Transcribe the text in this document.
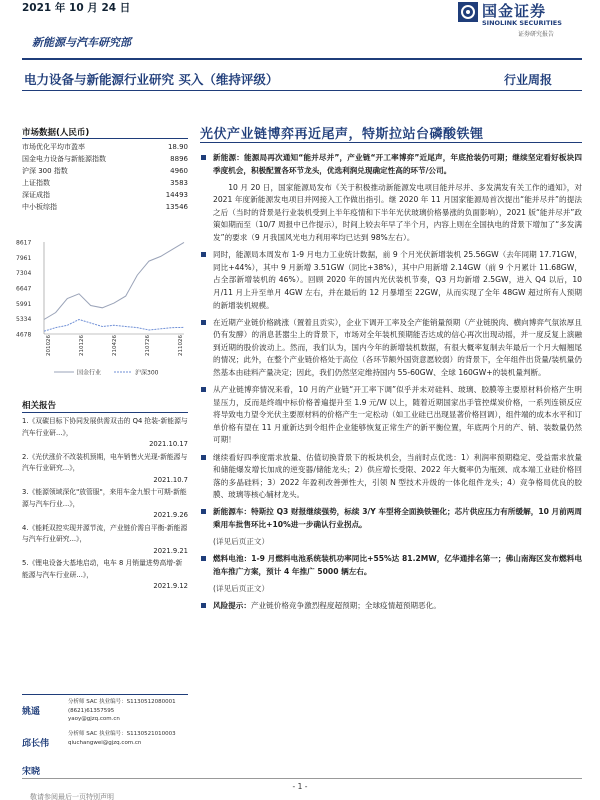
2021 年 10 月 24 日	国金证券
SINOLINK SECURITIES
证券研究报告
新能源与汽车研究部
电力设备与新能源行业研究 买入（维持评级）	行业周报
市场数据(人民币)
市场优化平均市盈率	18.90
国金电力设备与新能源指数	8896
沪深 300 指数	4960
上证指数	3583
深证成指	14493
中小板综指	13546
8617
7961
7304
6647
5991
5334
4678	201026	210126	210426	210726	211026
国金行业	沪深300
相关报告
1.《双碳目标下协同发展供需双击的 Q4 抢装-新能源与汽车行业研...》，
2021.10.17
2.《光伏涨价不改装机预期，电车销售火光现-新能源与汽车行业研究...》，
2021.10.7
3.《能源领域深化"放管服"，来用车金九银十可期-新能源与汽车行业...》，
2021.9.26
4.《能耗双控实现并源节流，产业链价需自平衡-新能源与汽车行业研究...》，
2021.9.21
5.《锂电设备大基地启动，电车 8 月销量进势高增-新能源与汽车行业研...》，
2021.9.12
姚遥
分析师 SAC 执业编号：S1130512080001
(8621)61357595
yaoy@gjzq.com.cn
邱长伟
分析师 SAC 执业编号：S1130521010003
qiuchangwei@gjzq.com.cn
宋晓
光伏产业链博弈再近尾声，特斯拉站台磷酸铁锂
新能源：能源局再次通知“能并尽并”，产业链“开工率博弈”近尾声，年底抢装仍可期；继续坚定看好板块四季度机会，积极配置各环节龙头，优选利润兑现确定性高的环节/公司。
10 月 20 日，国家能源局发布《关于积极推动新能源发电项目能并尽并、多发满发有关工作的通知》，对 2021 年度新能源发电项目并网接入工作做出指引。继 2020 年 11 月国家能源局首次提出“能并尽并”的提法之后（当时的背景是行业装机受到上半年疫情和下半年光伏玻璃价格暴涨的负面影响），2021 版“能并尽并”政策如期而至（10/7 周报中已作提示），时间上较去年早了半个月，内容上则在全国执电的背景下增加了“多发满发”的要求（9 月我国风光电力利用率均已达到 98%左右）。
同时，能源局本周发布 1-9 月电力工业统计数据，前 9 个月光伏新增装机 25.56GW（去年同期 17.71GW，同比+44%），其中 9 月新增 3.51GW（同比+38%），其中户用新增 2.14GW（前 9 个月累计 11.68GW，占全部新增装机的 46%）。回顾 2020 年的国内光伏装机节奏，Q3 月均新增 2.5GW，进入 Q4 以后，10 月/11 月上升至单月 4GW 左右，并在最后的 12 月暴增至 22GW，从而实现了全年 48GW 超过所有人预期的新增装机规模。
在近期产业链价格跳涨（置着且贡实），企业下调开工率及全产能销量预期（产业链脱肉、横向博弈气氛浓厚且仍有发酵）的消息甚嚣尘上的背景下，市场对全年装机预期能否达成的信心再次出现动摇，并一度反复上演融到近期的股价波动上。然而，我们认为，国内今年的新增装机数据，有很大概率复制去年最后一个月大幅翘尾的情况；此外，在整个产业链价格处于高位（各环节额外国资意愿较弱）的背景下，全年组件出货量/装机量仍然基本由硅料产量决定；因此，我们仍然坚定维持国内 55-60GW、全球 160GW+的装机量判断。
从产业链博弈情况来看，10 月的产业链“开工率下调”似乎并未对硅料、玻璃、胶膜等主要原材料价格产生明显压力，反而是终端中标价格普遍提升至 1.9 元/W 以上，随着近期国家出手管控煤炭价格，一系列连锁反应将导致电力望令光伏主要原材料的价格产生一定松动（如工业硅已出现显著价格回调），组件端的成本水平和订单价格有望在 11 月重新达到令组件企业能够恢复正常生产的新平衡位置，年底两个月的产、销、装数量仍然可期！
继续看好四季度需求放量、估值切换背景下的板块机会，当前时点优选：1）利润率预期稳定、受益需求放量和储能爆发增长加成的逆变器/储能龙头；2）供应增长受限、2022 年大概率仍为瓶颈、成本端工业硅价格回落的多晶硅料；3）2022 年盈利改善弹性大，引领 N 型技术升级的一体化组件龙头；4）竞争格局优良的胶膜、玻璃等核心辅材龙头。
新能源车：特斯拉 Q3 财报继续强势，标续 3/Y 车型将全面换铁锂化；芯片供应压力有所缓解，10 月前两周乘用车批售环比+10%进一步确认行业拐点。
( 详见后页正文）
燃料电池：1-9 月燃料电池系统装机功率同比+55%达 81.2MW，亿华通排名第一；佛山南海区发布燃料电池车推广方案，预计 4 年推广 5000 辆左右。
( 详见后页正文）
风险提示：产业链价格竞争激烈程度超预期；全球疫情超预期恶化。
- 1 -
敬请参阅最后一页特别声明
